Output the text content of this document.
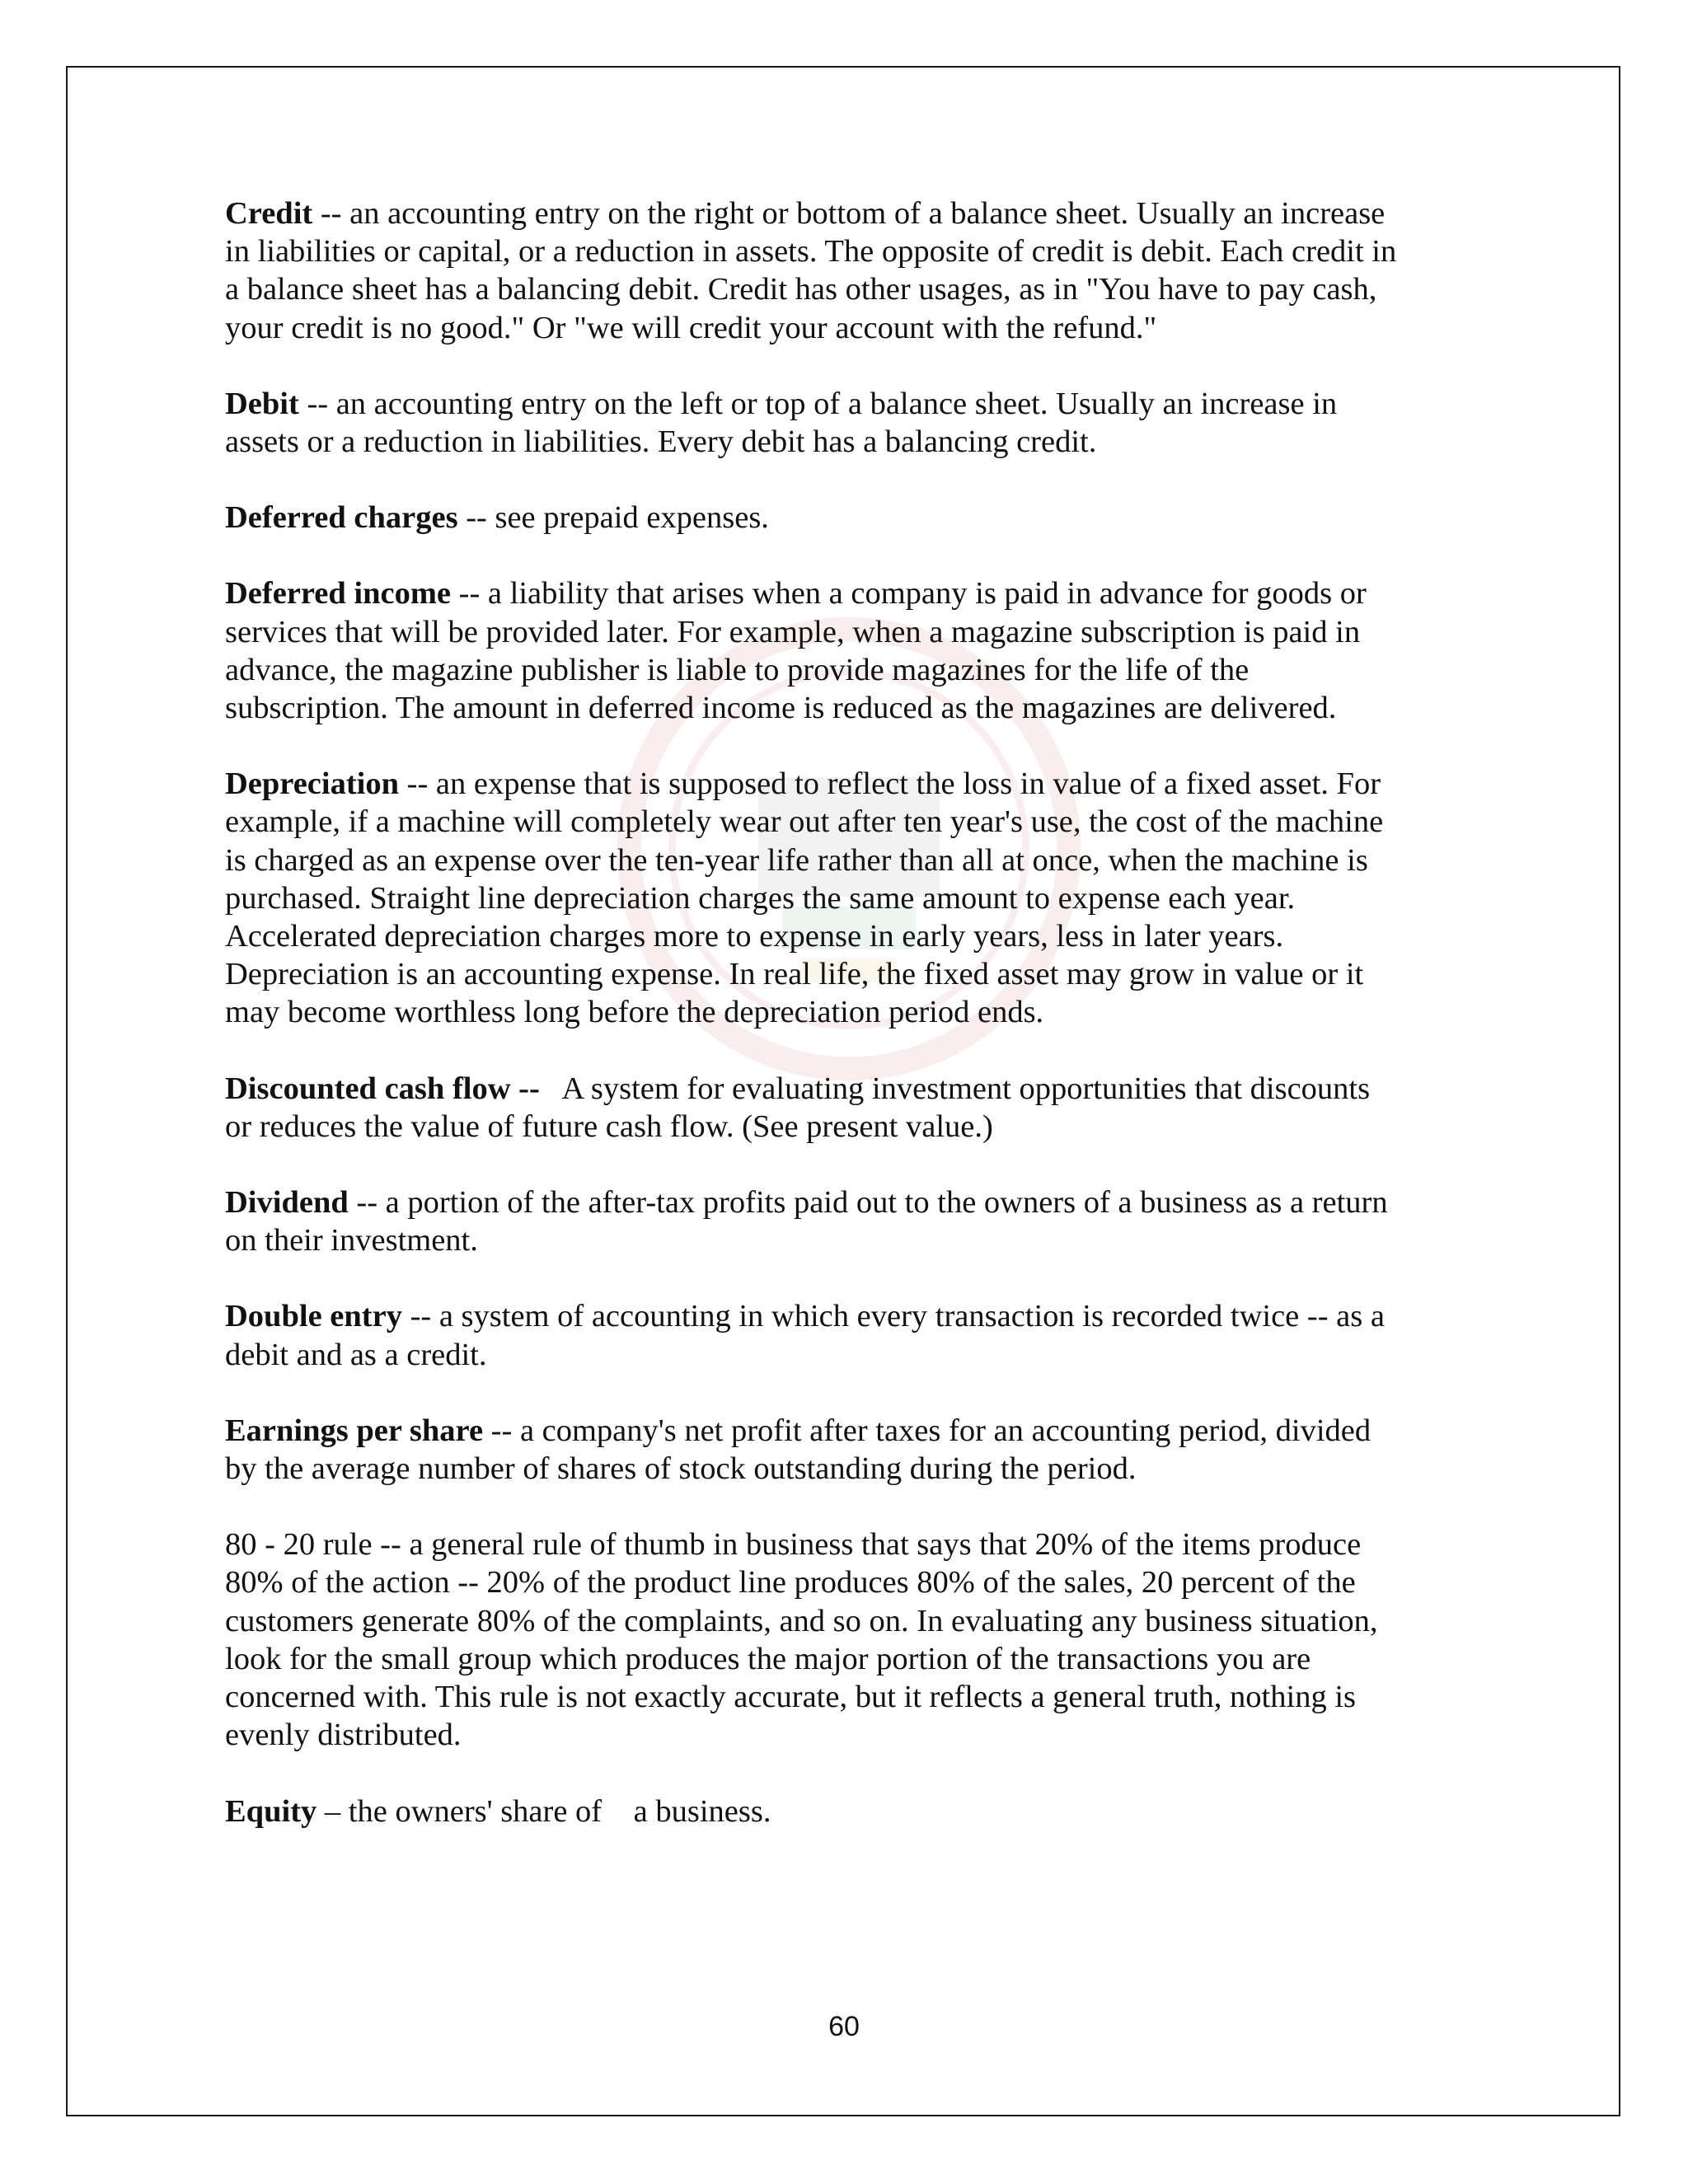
Credit -- an accounting entry on the right or bottom of a balance sheet. Usually an increase in liabilities or capital, or a reduction in assets. The opposite of credit is debit. Each credit in a balance sheet has a balancing debit. Credit has other usages, as in "You have to pay cash, your credit is no good." Or "we will credit your account with the refund."

Debit -- an accounting entry on the left or top of a balance sheet. Usually an increase in assets or a reduction in liabilities. Every debit has a balancing credit.

Deferred charges -- see prepaid expenses.

Deferred income -- a liability that arises when a company is paid in advance for goods or services that will be provided later. For example, when a magazine subscription is paid in advance, the magazine publisher is liable to provide magazines for the life of the subscription. The amount in deferred income is reduced as the magazines are delivered.

Depreciation -- an expense that is supposed to reflect the loss in value of a fixed asset. For example, if a machine will completely wear out after ten year's use, the cost of the machine is charged as an expense over the ten-year life rather than all at once, when the machine is purchased. Straight line depreciation charges the same amount to expense each year. Accelerated depreciation charges more to expense in early years, less in later years. Depreciation is an accounting expense. In real life, the fixed asset may grow in value or it may become worthless long before the depreciation period ends.

Discounted cash flow --   A system for evaluating investment opportunities that discounts or reduces the value of future cash flow. (See present value.)

Dividend -- a portion of the after-tax profits paid out to the owners of a business as a return on their investment.

Double entry -- a system of accounting in which every transaction is recorded twice -- as a debit and as a credit.

Earnings per share -- a company's net profit after taxes for an accounting period, divided by the average number of shares of stock outstanding during the period.

80 - 20 rule -- a general rule of thumb in business that says that 20% of the items produce 80% of the action -- 20% of the product line produces 80% of the sales, 20 percent of the customers generate 80% of the complaints, and so on. In evaluating any business situation, look for the small group which produces the major portion of the transactions you are concerned with. This rule is not exactly accurate, but it reflects a general truth, nothing is evenly distributed.

Equity – the owners' share of    a business.

60
